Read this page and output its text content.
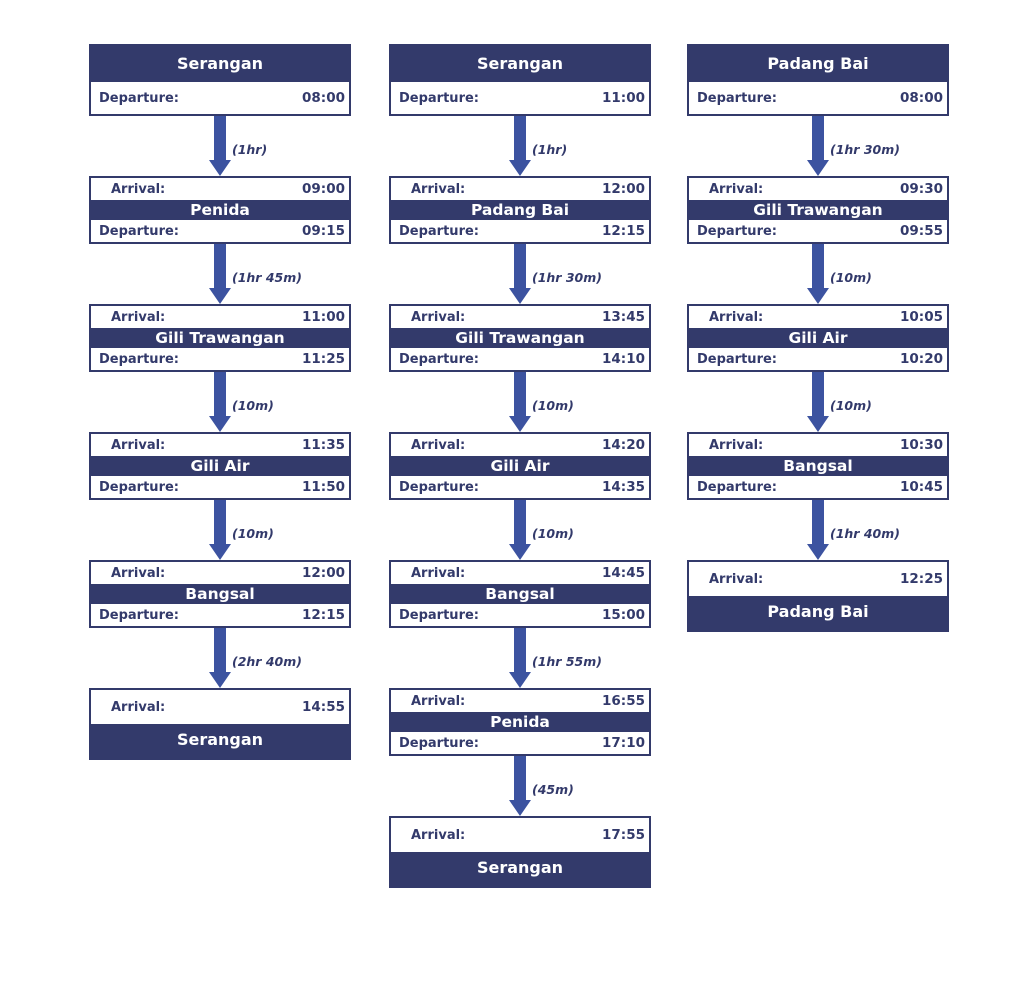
Serangan
Departure:	08:00
(1hr)
Arrival:	09:00
Penida
Departure:	09:15
(1hr 45m)
Arrival:	11:00
Gili Trawangan
Departure:	11:25
(10m)
Arrival:	11:35
Gili Air
Departure:	11:50
(10m)
Arrival:	12:00
Bangsal
Departure:	12:15
(2hr 40m)
Arrival:	14:55
Serangan
Serangan
Departure:	11:00
(1hr)
Arrival:	12:00
Padang Bai
Departure:	12:15
(1hr 30m)
Arrival:	13:45
Gili Trawangan
Departure:	14:10
(10m)
Arrival:	14:20
Gili Air
Departure:	14:35
(10m)
Arrival:	14:45
Bangsal
Departure:	15:00
(1hr 55m)
Arrival:	16:55
Penida
Departure:	17:10
(45m)
Arrival:	17:55
Serangan
Padang Bai
Departure:	08:00
(1hr 30m)
Arrival:	09:30
Gili Trawangan
Departure:	09:55
(10m)
Arrival:	10:05
Gili Air
Departure:	10:20
(10m)
Arrival:	10:30
Bangsal
Departure:	10:45
(1hr 40m)
Arrival:	12:25
Padang Bai
